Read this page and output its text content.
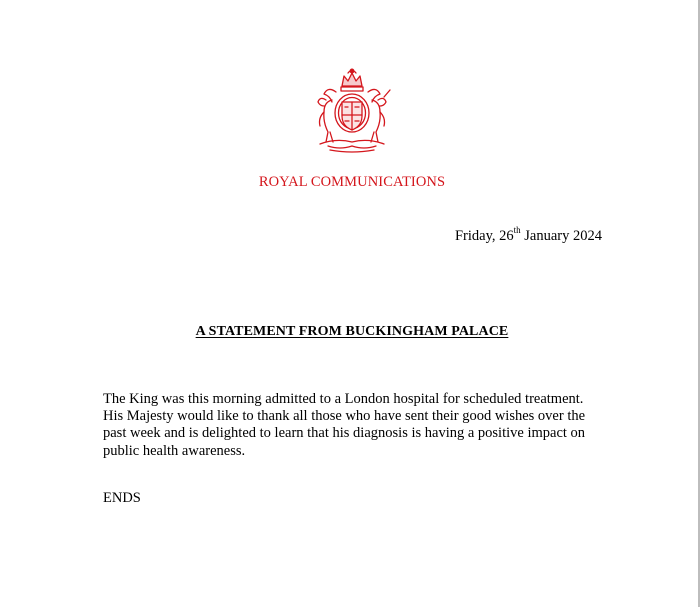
ROYAL COMMUNICATIONS
Friday, 26th January 2024
A STATEMENT FROM BUCKINGHAM PALACE

The King was this morning admitted to a London hospital for scheduled treatment.
His Majesty would like to thank all those who have sent their good wishes over the
past week and is delighted to learn that his diagnosis is having a positive impact on
public health awareness.

ENDS
